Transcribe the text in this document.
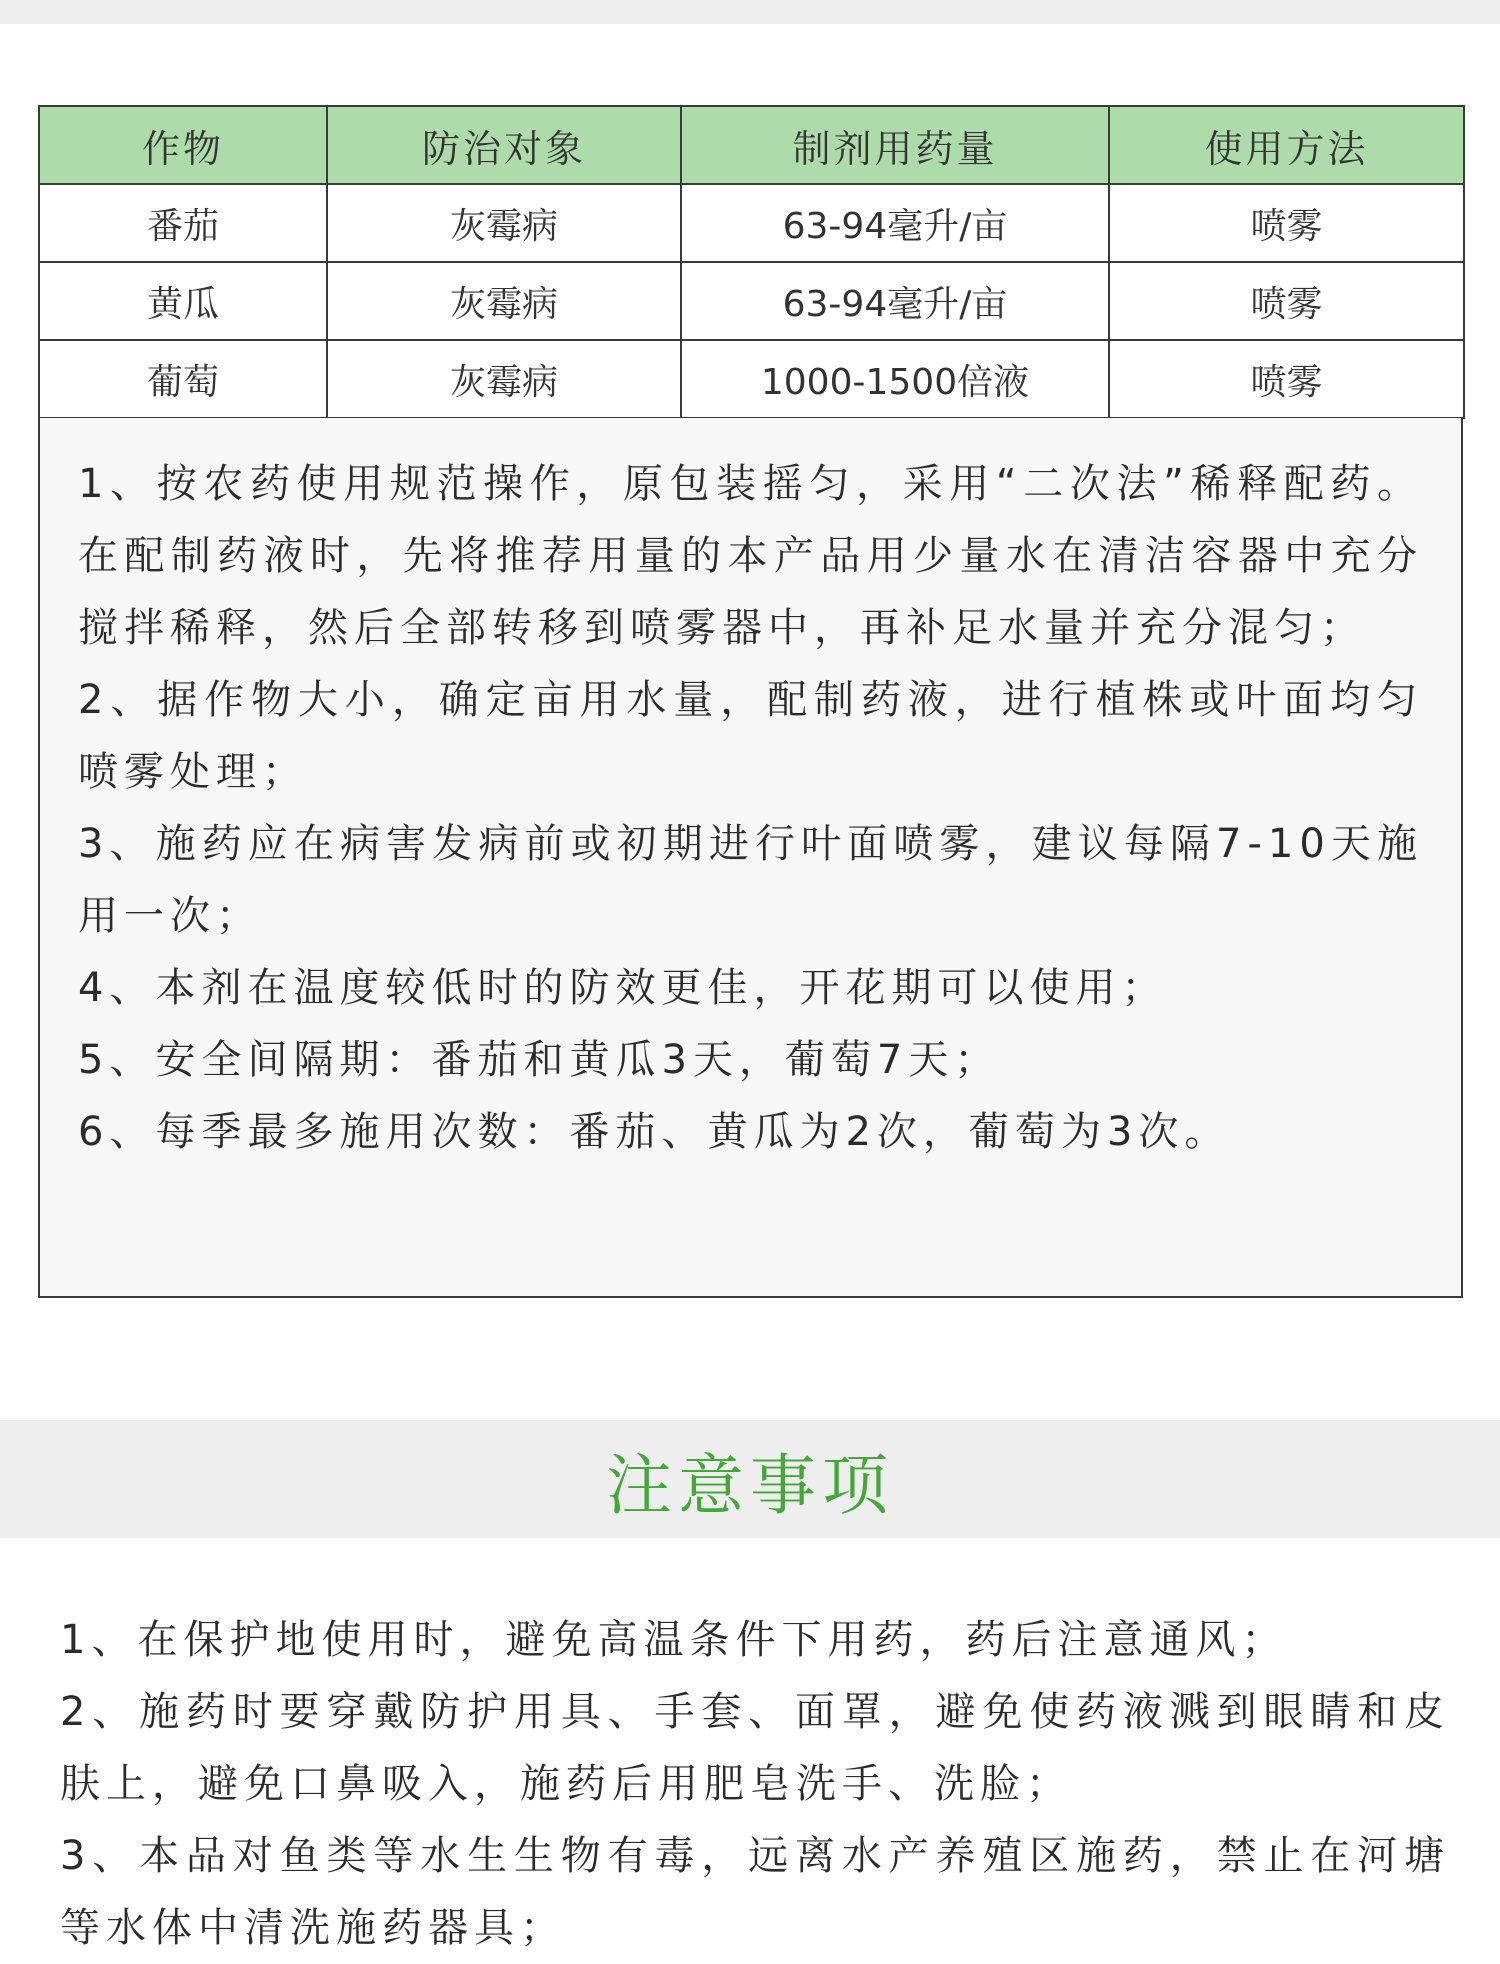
作物	防治对象	制剂用药量	使用方法
番茄	灰霉病	63-94毫升/亩	喷雾
黄瓜	灰霉病	63-94毫升/亩	喷雾
葡萄	灰霉病	1000-1500倍液	喷雾

1、按农药使用规范操作，原包装摇匀，采用“二次法”稀释配药。在配制药液时，先将推荐用量的本产品用少量水在清洁容器中充分搅拌稀释，然后全部转移到喷雾器中，再补足水量并充分混匀；

2、据作物大小，确定亩用水量，配制药液，进行植株或叶面均匀喷雾处理；

3、施药应在病害发病前或初期进行叶面喷雾，建议每隔7-10天施用一次；

4、本剂在温度较低时的防效更佳，开花期可以使用；

5、安全间隔期：番茄和黄瓜3天，葡萄7天；

6、每季最多施用次数：番茄、黄瓜为2次，葡萄为3次。

注意事项

1、在保护地使用时，避免高温条件下用药，药后注意通风；

2、施药时要穿戴防护用具、手套、面罩，避免使药液溅到眼睛和皮肤上，避免口鼻吸入，施药后用肥皂洗手、洗脸；

3、本品对鱼类等水生生物有毒，远离水产养殖区施药，禁止在河塘等水体中清洗施药器具；
